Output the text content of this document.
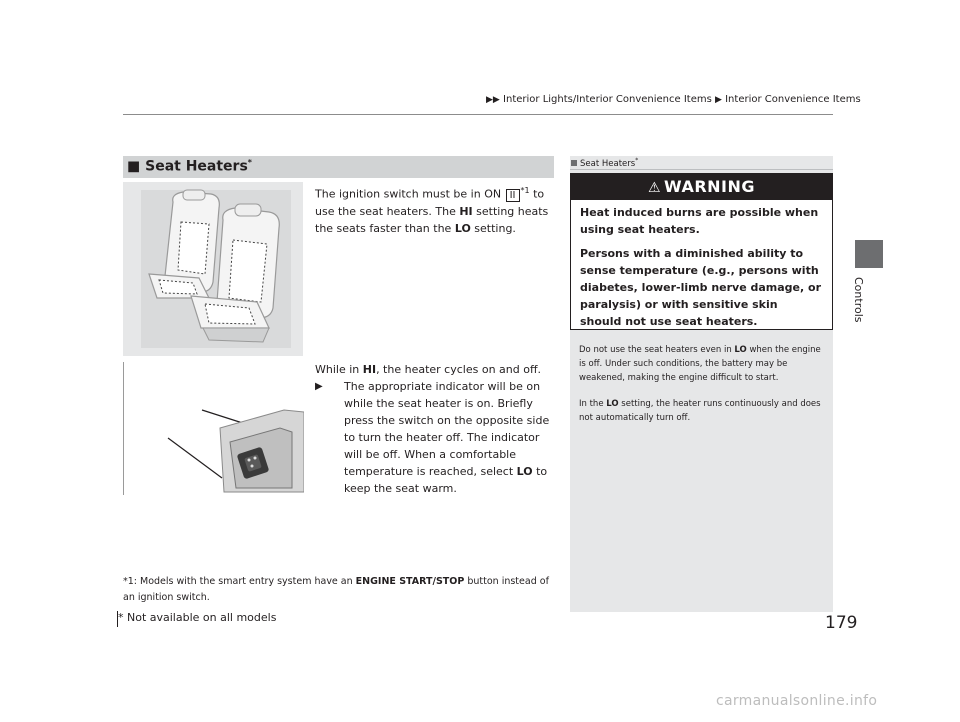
▶▶ Interior Lights/Interior Convenience Items ▶ Interior Convenience Items
Controls
■ Seat Heaters*
The ignition switch must be in ON II $^{*1}$ to use the seat heaters. The HI setting heats the seats faster than the LO setting.
While in HI, the heater cycles on and off.
▶	The appropriate indicator will be on while the seat heater is on. Briefly press the switch on the opposite side to turn the heater off. The indicator will be off. When a comfortable temperature is reached, select LO to keep the seat warm.
*1: Models with the smart entry system have an ENGINE START/STOP button instead of an ignition switch.
Seat Heaters*
⚠ WARNING
Heat induced burns are possible when using seat heaters.
Persons with a diminished ability to sense temperature (e.g., persons with diabetes, lower-limb nerve damage, or paralysis) or with sensitive skin should not use seat heaters.
Do not use the seat heaters even in LO when the engine is off. Under such conditions, the battery may be weakened, making the engine difficult to start.
In the LO setting, the heater runs continuously and does not automatically turn off.
179
* Not available on all models
carmanualsonline.info
